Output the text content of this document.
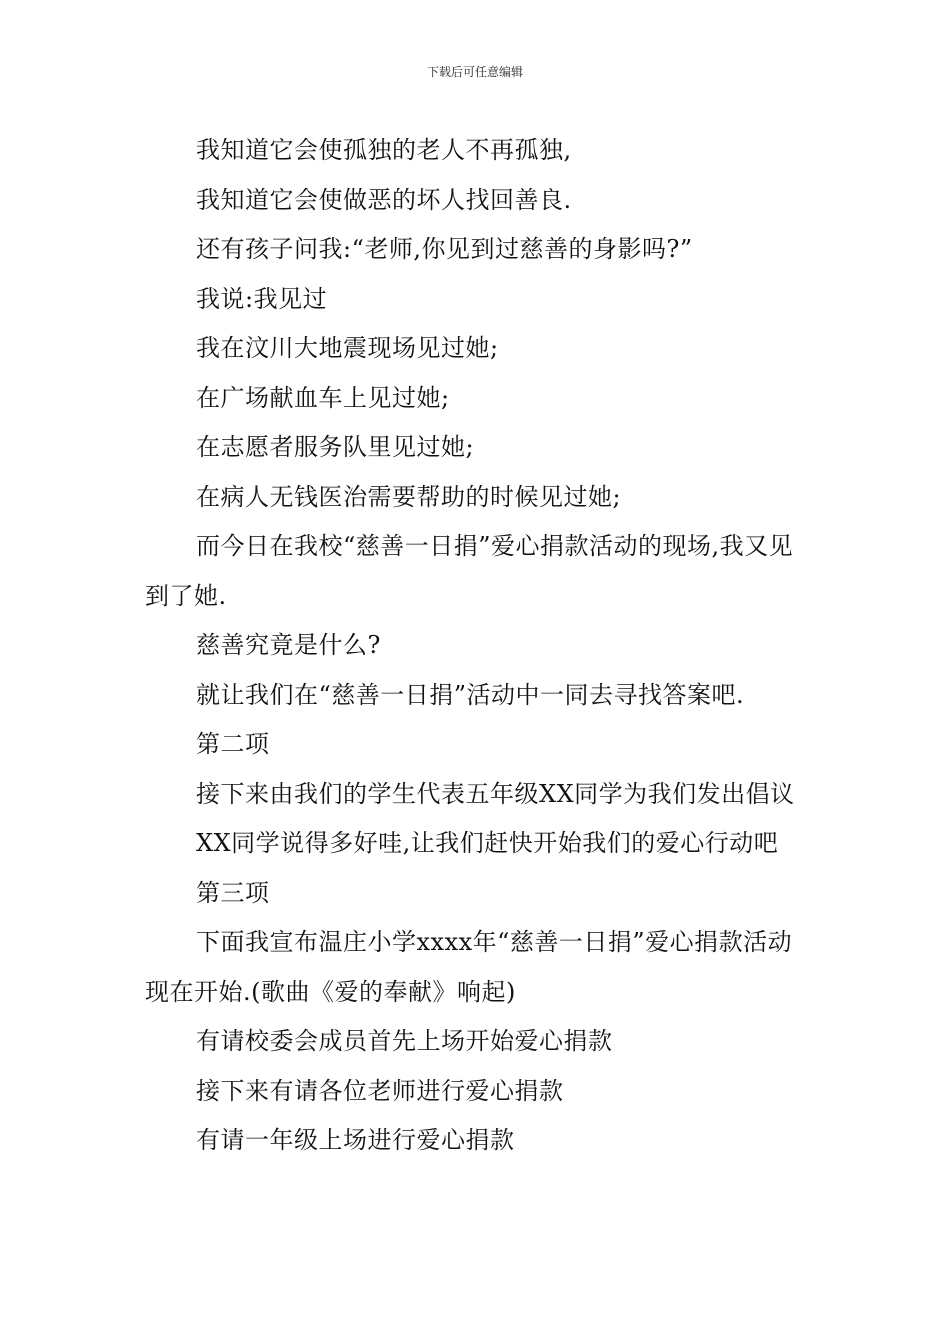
下载后可任意编辑

我知道它会使孤独的老人不再孤独,

我知道它会使做恶的坏人找回善良.

还有孩子问我:“老师,你见到过慈善的身影吗?”

我说:我见过

我在汶川大地震现场见过她;

在广场献血车上见过她;

在志愿者服务队里见过她;

在病人无钱医治需要帮助的时候见过她;

而今日在我校“慈善一日捐”爱心捐款活动的现场,我又见到了她.

慈善究竟是什么?

就让我们在“慈善一日捐”活动中一同去寻找答案吧.

第二项

接下来由我们的学生代表五年级XX同学为我们发出倡议

XX同学说得多好哇,让我们赶快开始我们的爱心行动吧

第三项

下面我宣布温庄小学xxxx年“慈善一日捐”爱心捐款活动现在开始.(歌曲《爱的奉献》响起)

有请校委会成员首先上场开始爱心捐款

接下来有请各位老师进行爱心捐款

有请一年级上场进行爱心捐款
